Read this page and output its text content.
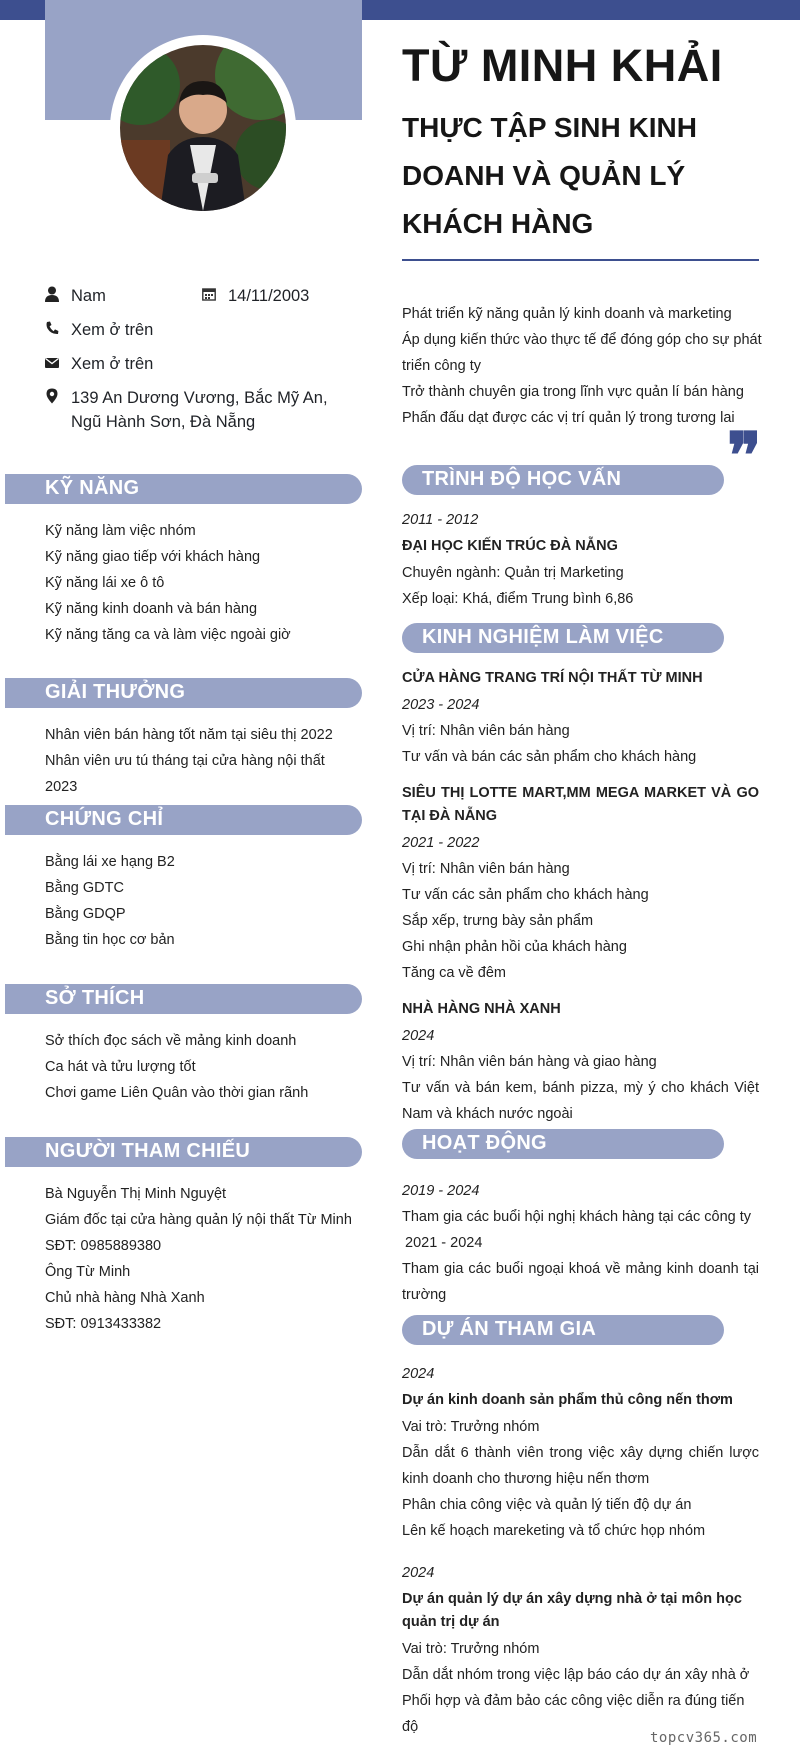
TỪ MINH KHẢI
THỰC TẬP SINH KINH DOANH VÀ QUẢN LÝ KHÁCH HÀNG
Nam	14/11/2003
Xem ở trên
Xem ở trên
139 An Dương Vương, Bắc Mỹ An, Ngũ Hành Sơn, Đà Nẵng
Phát triển kỹ năng quản lý kinh doanh và marketing
Áp dụng kiến thức vào thực tế để đóng góp cho sự phát triển công ty
Trở thành chuyên gia trong lĩnh vực quản lí bán hàng
Phấn đấu dạt được các vị trí quản lý trong tương lai
❞
KỸ NĂNG
Kỹ năng làm việc nhóm
Kỹ năng giao tiếp với khách hàng
Kỹ năng lái xe ô tô
Kỹ năng kinh doanh và bán hàng
Kỹ năng tăng ca và làm việc ngoài giờ
GIẢI THƯỞNG
Nhân viên bán hàng tốt năm tại siêu thị 2022
Nhân viên ưu tú tháng tại cửa hàng nội thất 2023
CHỨNG CHỈ
Bằng lái xe hạng B2
Bằng GDTC
Bằng GDQP
Bằng tin học cơ bản
SỞ THÍCH
Sở thích đọc sách về mảng kinh doanh
Ca hát và tửu lượng tốt
Chơi game Liên Quân vào thời gian rãnh
NGƯỜI THAM CHIẾU
Bà Nguyễn Thị Minh Nguyệt
Giám đốc tại cửa hàng quản lý nội thất Từ Minh
SĐT: 0985889380
Ông Từ Minh
Chủ nhà hàng Nhà Xanh
SĐT: 0913433382
TRÌNH ĐỘ HỌC VẤN
2011 - 2012
ĐẠI HỌC KIẾN TRÚC ĐÀ NẴNG
Chuyên ngành: Quản trị Marketing
Xếp loại: Khá, điểm Trung bình 6,86
KINH NGHIỆM LÀM VIỆC
CỬA HÀNG TRANG TRÍ NỘI THẤT TỪ MINH
2023 - 2024
Vị trí: Nhân viên bán hàng
Tư vấn và bán các sản phẩm cho khách hàng
SIÊU THỊ LOTTE MART,MM MEGA MARKET VÀ GO TẠI ĐÀ NẴNG
2021 - 2022
Vị trí: Nhân viên bán hàng
Tư vấn các sản phẩm cho khách hàng
Sắp xếp, trưng bày sản phẩm
Ghi nhận phản hồi của khách hàng
Tăng ca về đêm
NHÀ HÀNG NHÀ XANH
2024
Vị trí: Nhân viên bán hàng và giao hàng
Tư vấn và bán kem, bánh pizza, mỳ ý cho khách Việt Nam và khách nước ngoài
HOẠT ĐỘNG
2019 - 2024
Tham gia các buổi hội nghị khách hàng tại các công ty
2021 - 2024
Tham gia các buổi ngoại khoá về mảng kinh doanh tại trường
DỰ ÁN THAM GIA
2024
Dự án kinh doanh sản phẩm thủ công nến thơm
Vai trò: Trưởng nhóm
Dẫn dắt 6 thành viên trong việc xây dựng chiến lược kinh doanh cho thương hiệu nến thơm
Phân chia công việc và quản lý tiến độ dự án
Lên kế hoạch mareketing và tổ chức họp nhóm
2024
Dự án quản lý dự án xây dựng nhà ở tại môn học quản trị dự án
Vai trò: Trưởng nhóm
Dẫn dắt nhóm trong việc lập báo cáo dự án xây nhà ở
Phối hợp và đảm bảo các công việc diễn ra đúng tiến độ
topcv365.com
